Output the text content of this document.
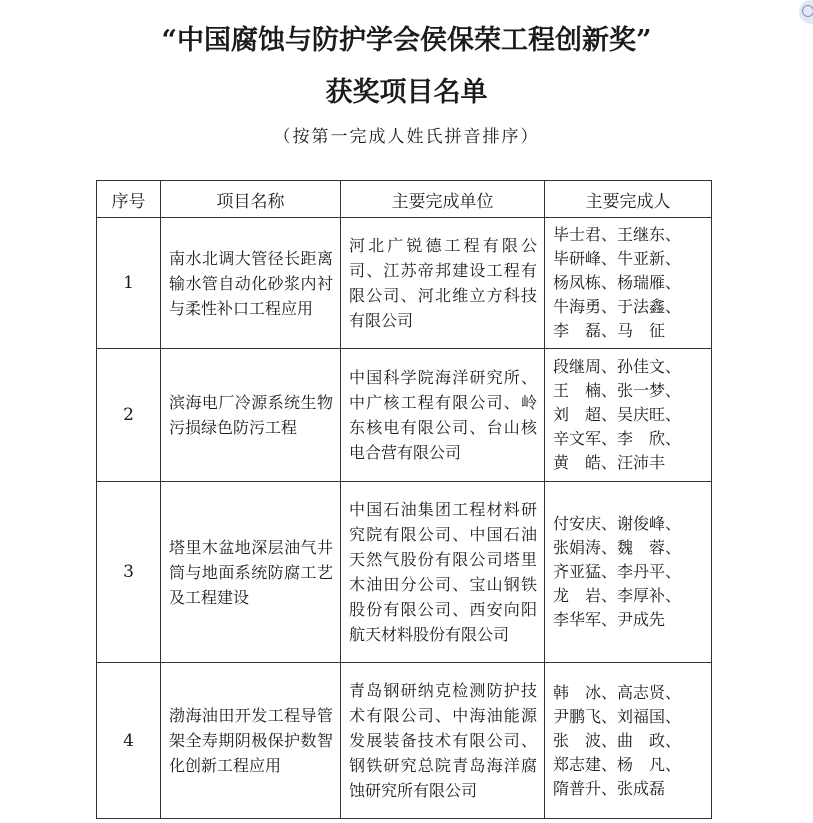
“中国腐蚀与防护学会侯保荣工程创新奖”
获奖项目名单
（按第一完成人姓氏拼音排序）
序号	项目名称	主要完成单位	主要完成人
1	南水北调大管径长距离输水管自动化砂浆内衬与柔性补口工程应用	河北广锐德工程有限公司、江苏帝邦建设工程有限公司、河北维立方科技有限公司	毕士君、王继东、
毕研峰、牛亚新、
杨凤栋、杨瑞雁、
牛海勇、于法鑫、
李　磊、马　征

2	滨海电厂冷源系统生物污损绿色防污工程	中国科学院海洋研究所、中广核工程有限公司、岭东核电有限公司、台山核电合营有限公司	段继周、孙佳文、
王　楠、张一梦、
刘　超、吴庆旺、
辛文军、李　欣、
黄　皓、汪沛丰

3	塔里木盆地深层油气井筒与地面系统防腐工艺及工程建设	中国石油集团工程材料研究院有限公司、中国石油天然气股份有限公司塔里木油田分公司、宝山钢铁股份有限公司、西安向阳航天材料股份有限公司	付安庆、谢俊峰、
张娟涛、魏　蓉、
齐亚猛、李丹平、
龙　岩、李厚补、
李华军、尹成先

4	渤海油田开发工程导管架全寿期阴极保护数智化创新工程应用	青岛钢研纳克检测防护技术有限公司、中海油能源发展装备技术有限公司、钢铁研究总院青岛海洋腐蚀研究所有限公司	韩　冰、高志贤、
尹鹏飞、刘福国、
张　波、曲　政、
郑志建、杨　凡、
隋普升、张成磊
